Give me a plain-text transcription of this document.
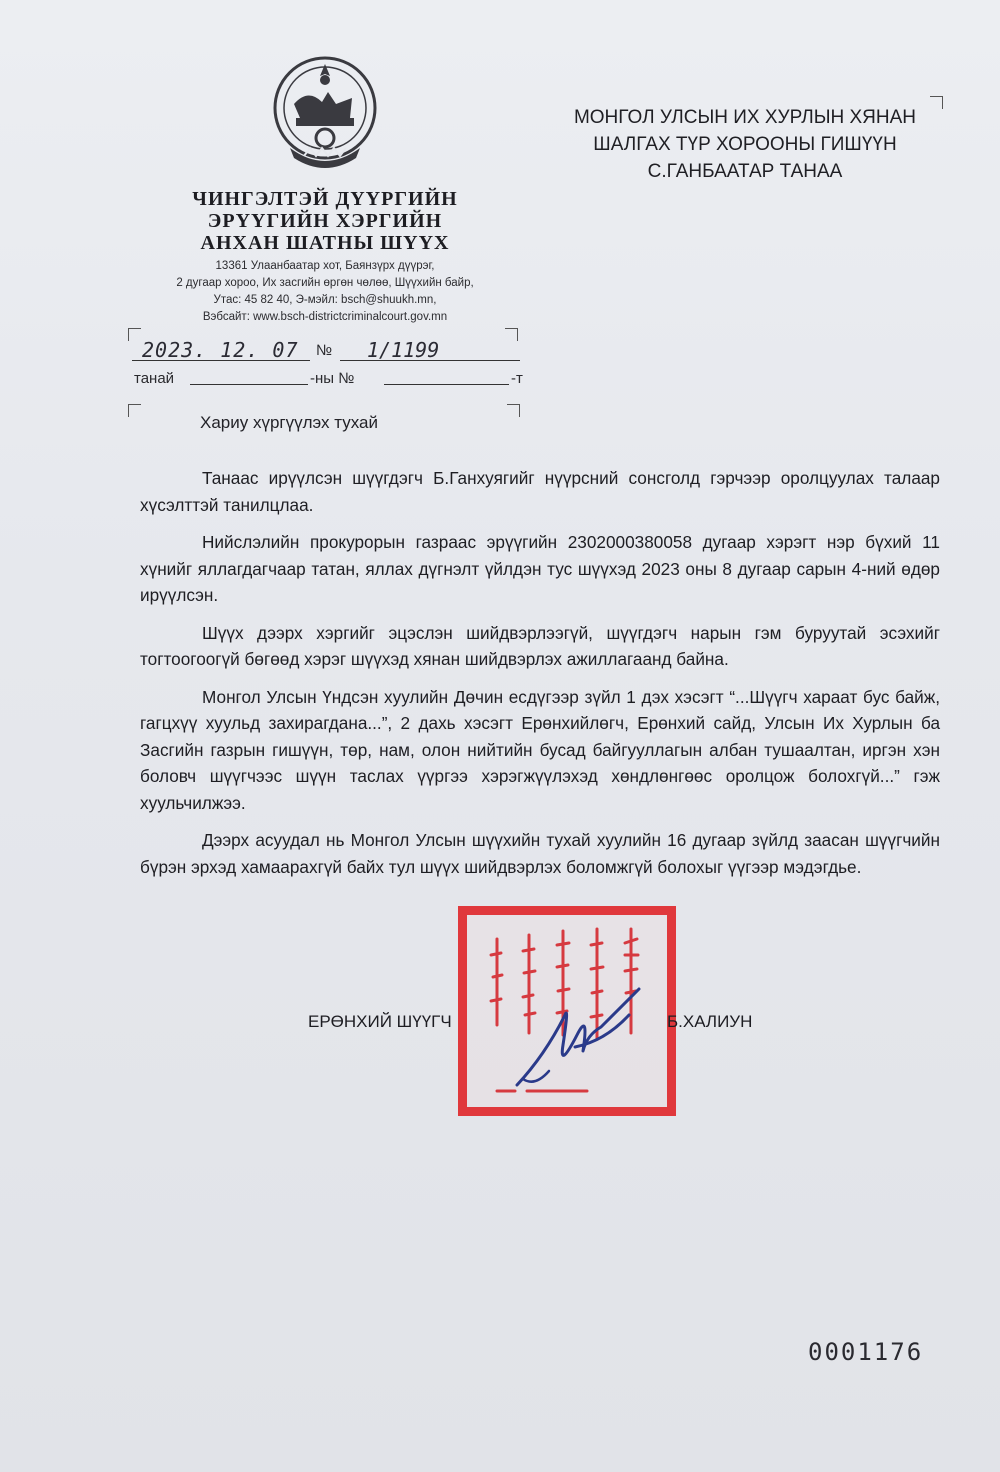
ЧИНГЭЛТЭЙ ДҮҮРГИЙН
ЭРҮҮГИЙН ХЭРГИЙН
АНХАН ШАТНЫ ШҮҮХ
13361 Улаанбаатар хот, Баянзүрх дүүрэг,
2 дугаар хороо, Их засгийн өргөн чөлөө, Шүүхийн байр,
Утас: 45 82 40, Э-мэйл: bsch@shuukh.mn,
Вэбсайт: www.bsch-districtcriminalcourt.gov.mn
МОНГОЛ УЛСЫН ИХ ХУРЛЫН ХЯНАН
ШАЛГАХ ТҮР ХОРООНЫ ГИШҮҮН
С.ГАНБААТАР ТАНАА
2023. 12. 07 № 1/1199
танай	-ны №	-т
Хариу хүргүүлэх тухай

Танаас ирүүлсэн шүүгдэгч Б.Ганхуягийг нүүрсний сонсголд гэрчээр оролцуулах талаар хүсэлттэй танилцлаа.

Нийслэлийн прокурорын газраас эрүүгийн 2302000380058 дугаар хэрэгт нэр бүхий 11 хүнийг яллагдагчаар татан, яллах дүгнэлт үйлдэн тус шүүхэд 2023 оны 8 дугаар сарын 4-ний өдөр ирүүлсэн.

Шүүх дээрх хэргийг эцэслэн шийдвэрлээгүй, шүүгдэгч нарын гэм буруутай эсэхийг тогтоогоогүй бөгөөд хэрэг шүүхэд хянан шийдвэрлэх ажиллагаанд байна.

Монгол Улсын Үндсэн хуулийн Дөчин есдүгээр зүйл 1 дэх хэсэгт “...Шүүгч хараат бус байж, гагцхүү хуульд захирагдана...”, 2 дахь хэсэгт Ерөнхийлөгч, Ерөнхий сайд, Улсын Их Хурлын ба Засгийн газрын гишүүн, төр, нам, олон нийтийн бусад байгууллагын албан тушаалтан, иргэн хэн боловч шүүгчээс шүүн таслах үүргээ хэрэгжүүлэхэд хөндлөнгөөс оролцож болохгүй...” гэж хуульчилжээ.

Дээрх асуудал нь Монгол Улсын шүүхийн тухай хуулийн 16 дугаар зүйлд заасан шүүгчийн бүрэн эрхэд хамаарахгүй байх тул шүүх шийдвэрлэх боломжгүй болохыг үүгээр мэдэгдье.

ЕРӨНХИЙ ШҮҮГЧ	Б.ХАЛИУН
0001176
